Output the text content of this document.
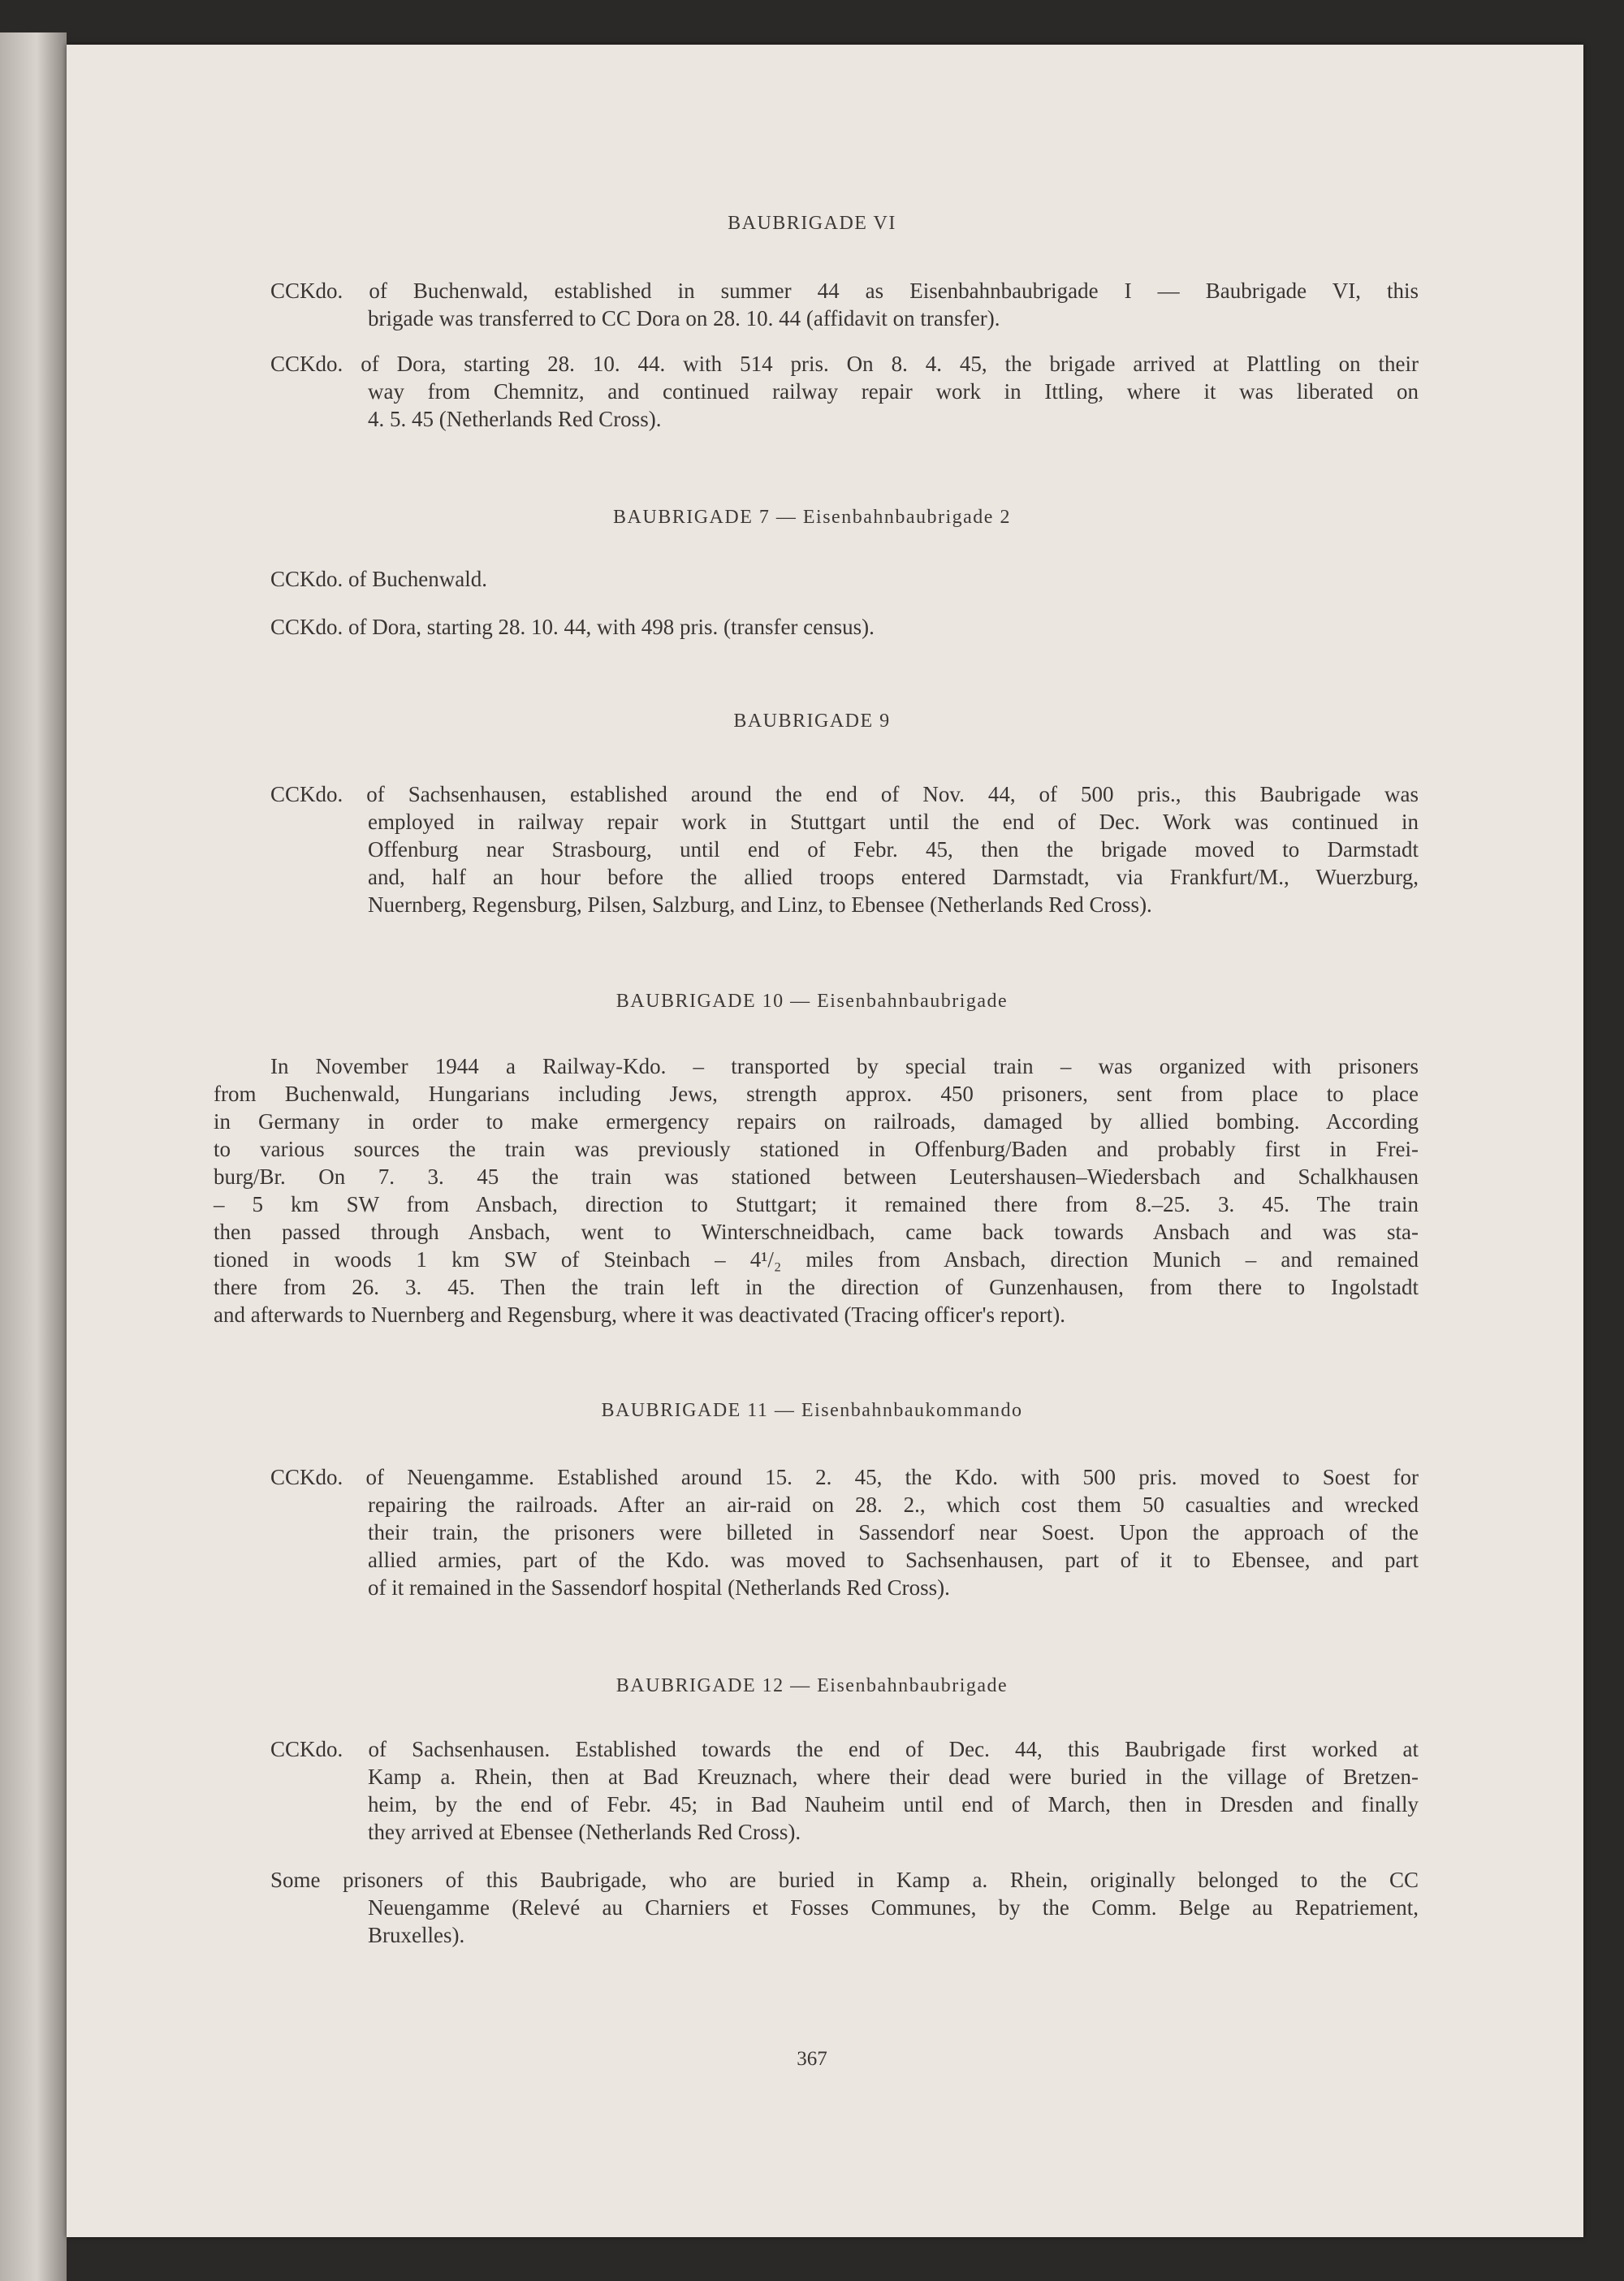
BAUBRIGADE VI
CCKdo. of Buchenwald, established in summer 44 as Eisenbahnbaubrigade I — Baubrigade VI, this
brigade was transferred to CC Dora on 28. 10. 44 (affidavit on transfer).
CCKdo. of Dora, starting 28. 10. 44. with 514 pris. On 8. 4. 45, the brigade arrived at Plattling on their
way from Chemnitz, and continued railway repair work in Ittling, where it was liberated on
4. 5. 45 (Netherlands Red Cross).
BAUBRIGADE 7 — Eisenbahnbaubrigade 2
CCKdo. of Buchenwald.
CCKdo. of Dora, starting 28. 10. 44, with 498 pris. (transfer census).
BAUBRIGADE 9
CCKdo. of Sachsenhausen, established around the end of Nov. 44, of 500 pris., this Baubrigade was
employed in railway repair work in Stuttgart until the end of Dec. Work was continued in
Offenburg near Strasbourg, until end of Febr. 45, then the brigade moved to Darmstadt
and, half an hour before the allied troops entered Darmstadt, via Frankfurt/M., Wuerzburg,
Nuernberg, Regensburg, Pilsen, Salzburg, and Linz, to Ebensee (Netherlands Red Cross).
BAUBRIGADE 10 — Eisenbahnbaubrigade
In November 1944 a Railway-Kdo. – transported by special train – was organized with prisoners
from Buchenwald, Hungarians including Jews, strength approx. 450 prisoners, sent from place to place
in Germany in order to make ermergency repairs on railroads, damaged by allied bombing. According
to various sources the train was previously stationed in Offenburg/Baden and probably first in Frei-
burg/Br. On 7. 3. 45 the train was stationed between Leutershausen–Wiedersbach and Schalkhausen
– 5 km SW from Ansbach, direction to Stuttgart; it remained there from 8.–25. 3. 45. The train
then passed through Ansbach, went to Winterschneidbach, came back towards Ansbach and was sta-
tioned in woods 1 km SW of Steinbach – 4¹/₂ miles from Ansbach, direction Munich – and remained
there from 26. 3. 45. Then the train left in the direction of Gunzenhausen, from there to Ingolstadt
and afterwards to Nuernberg and Regensburg, where it was deactivated (Tracing officer's report).
BAUBRIGADE 11 — Eisenbahnbaukommando
CCKdo. of Neuengamme. Established around 15. 2. 45, the Kdo. with 500 pris. moved to Soest for
repairing the railroads. After an air-raid on 28. 2., which cost them 50 casualties and wrecked
their train, the prisoners were billeted in Sassendorf near Soest. Upon the approach of the
allied armies, part of the Kdo. was moved to Sachsenhausen, part of it to Ebensee, and part
of it remained in the Sassendorf hospital (Netherlands Red Cross).
BAUBRIGADE 12 — Eisenbahnbaubrigade
CCKdo. of Sachsenhausen. Established towards the end of Dec. 44, this Baubrigade first worked at
Kamp a. Rhein, then at Bad Kreuznach, where their dead were buried in the village of Bretzen-
heim, by the end of Febr. 45; in Bad Nauheim until end of March, then in Dresden and finally
they arrived at Ebensee (Netherlands Red Cross).
Some prisoners of this Baubrigade, who are buried in Kamp a. Rhein, originally belonged to the CC
Neuengamme (Relevé au Charniers et Fosses Communes, by the Comm. Belge au Repatriement,
Bruxelles).
367
